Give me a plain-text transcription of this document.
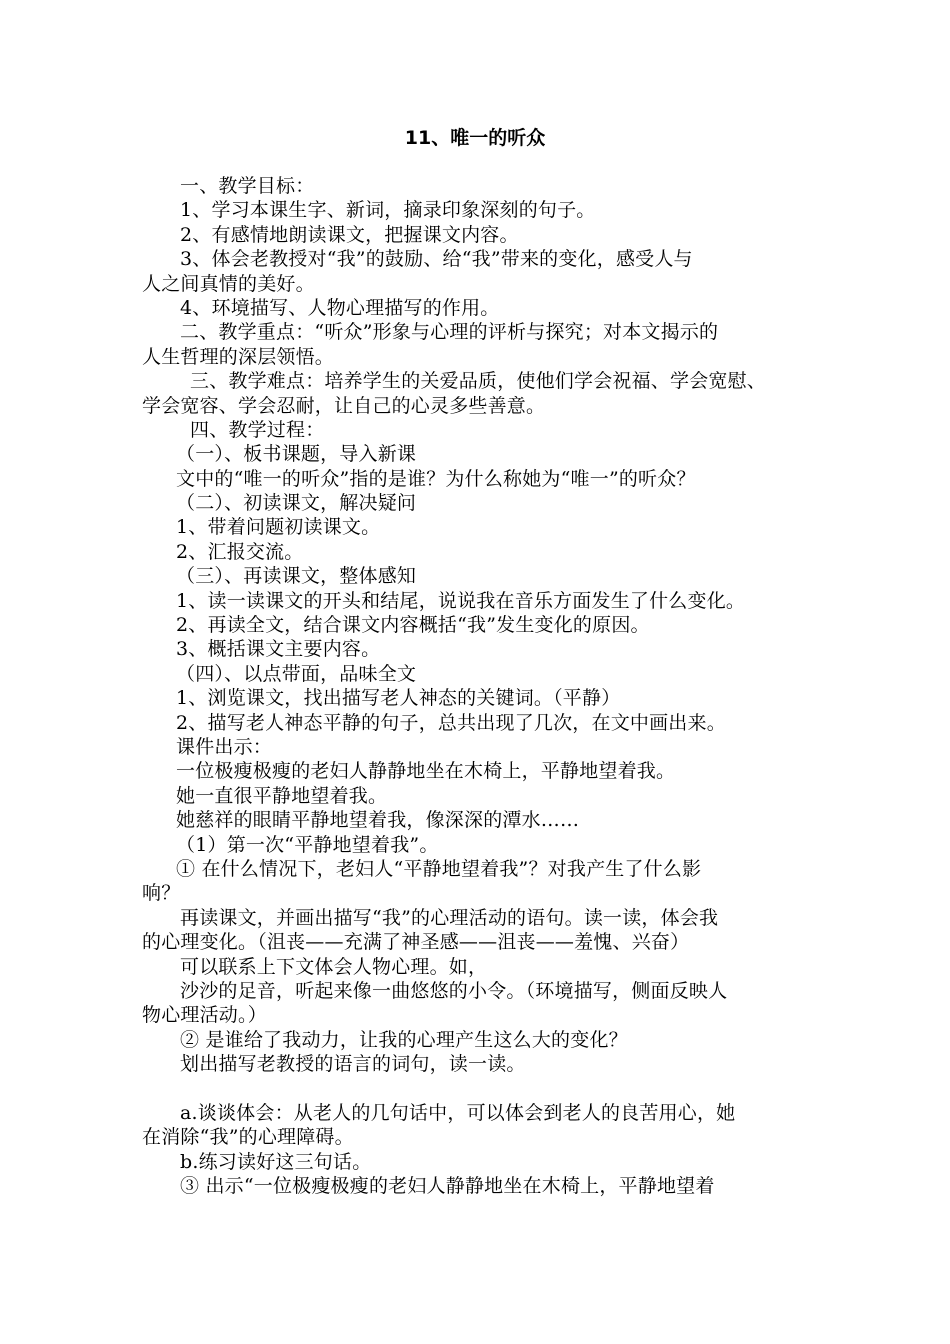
11、唯一的听众
一、教学目标：
1、学习本课生字、新词，摘录印象深刻的句子。
2、有感情地朗读课文，把握课文内容。
3、体会老教授对“我”的鼓励、给“我”带来的变化，感受人与
人之间真情的美好。
4、环境描写、人物心理描写的作用。
二、教学重点：“听众”形象与心理的评析与探究；对本文揭示的
人生哲理的深层领悟。
三、教学难点：培养学生的关爱品质，使他们学会祝福、学会宽慰、
学会宽容、学会忍耐，让自己的心灵多些善意。
四、教学过程：
（一）、板书课题，导入新课
文中的“唯一的听众”指的是谁？为什么称她为“唯一”的听众？
（二）、初读课文，解决疑问
1、带着问题初读课文。
2、汇报交流。
（三）、再读课文，整体感知
1、读一读课文的开头和结尾，说说我在音乐方面发生了什么变化。
2、再读全文，结合课文内容概括“我”发生变化的原因。
3、概括课文主要内容。
（四）、以点带面，品味全文
1、浏览课文，找出描写老人神态的关键词。（平静）
2、描写老人神态平静的句子，总共出现了几次，在文中画出来。
课件出示：
一位极瘦极瘦的老妇人静静地坐在木椅上，平静地望着我。
她一直很平静地望着我。
她慈祥的眼睛平静地望着我，像深深的潭水……
（1）第一次“平静地望着我”。
① 在什么情况下，老妇人“平静地望着我”？对我产生了什么影
响？
再读课文，并画出描写“我”的心理活动的语句。读一读，体会我
的心理变化。（沮丧——充满了神圣感——沮丧——羞愧、兴奋）
可以联系上下文体会人物心理。如，
沙沙的足音，听起来像一曲悠悠的小令。（环境描写，侧面反映人
物心理活动。）
② 是谁给了我动力，让我的心理产生这么大的变化？
划出描写老教授的语言的词句，读一读。
a.谈谈体会：从老人的几句话中，可以体会到老人的良苦用心，她
在消除“我”的心理障碍。
b.练习读好这三句话。
③ 出示“一位极瘦极瘦的老妇人静静地坐在木椅上，平静地望着
